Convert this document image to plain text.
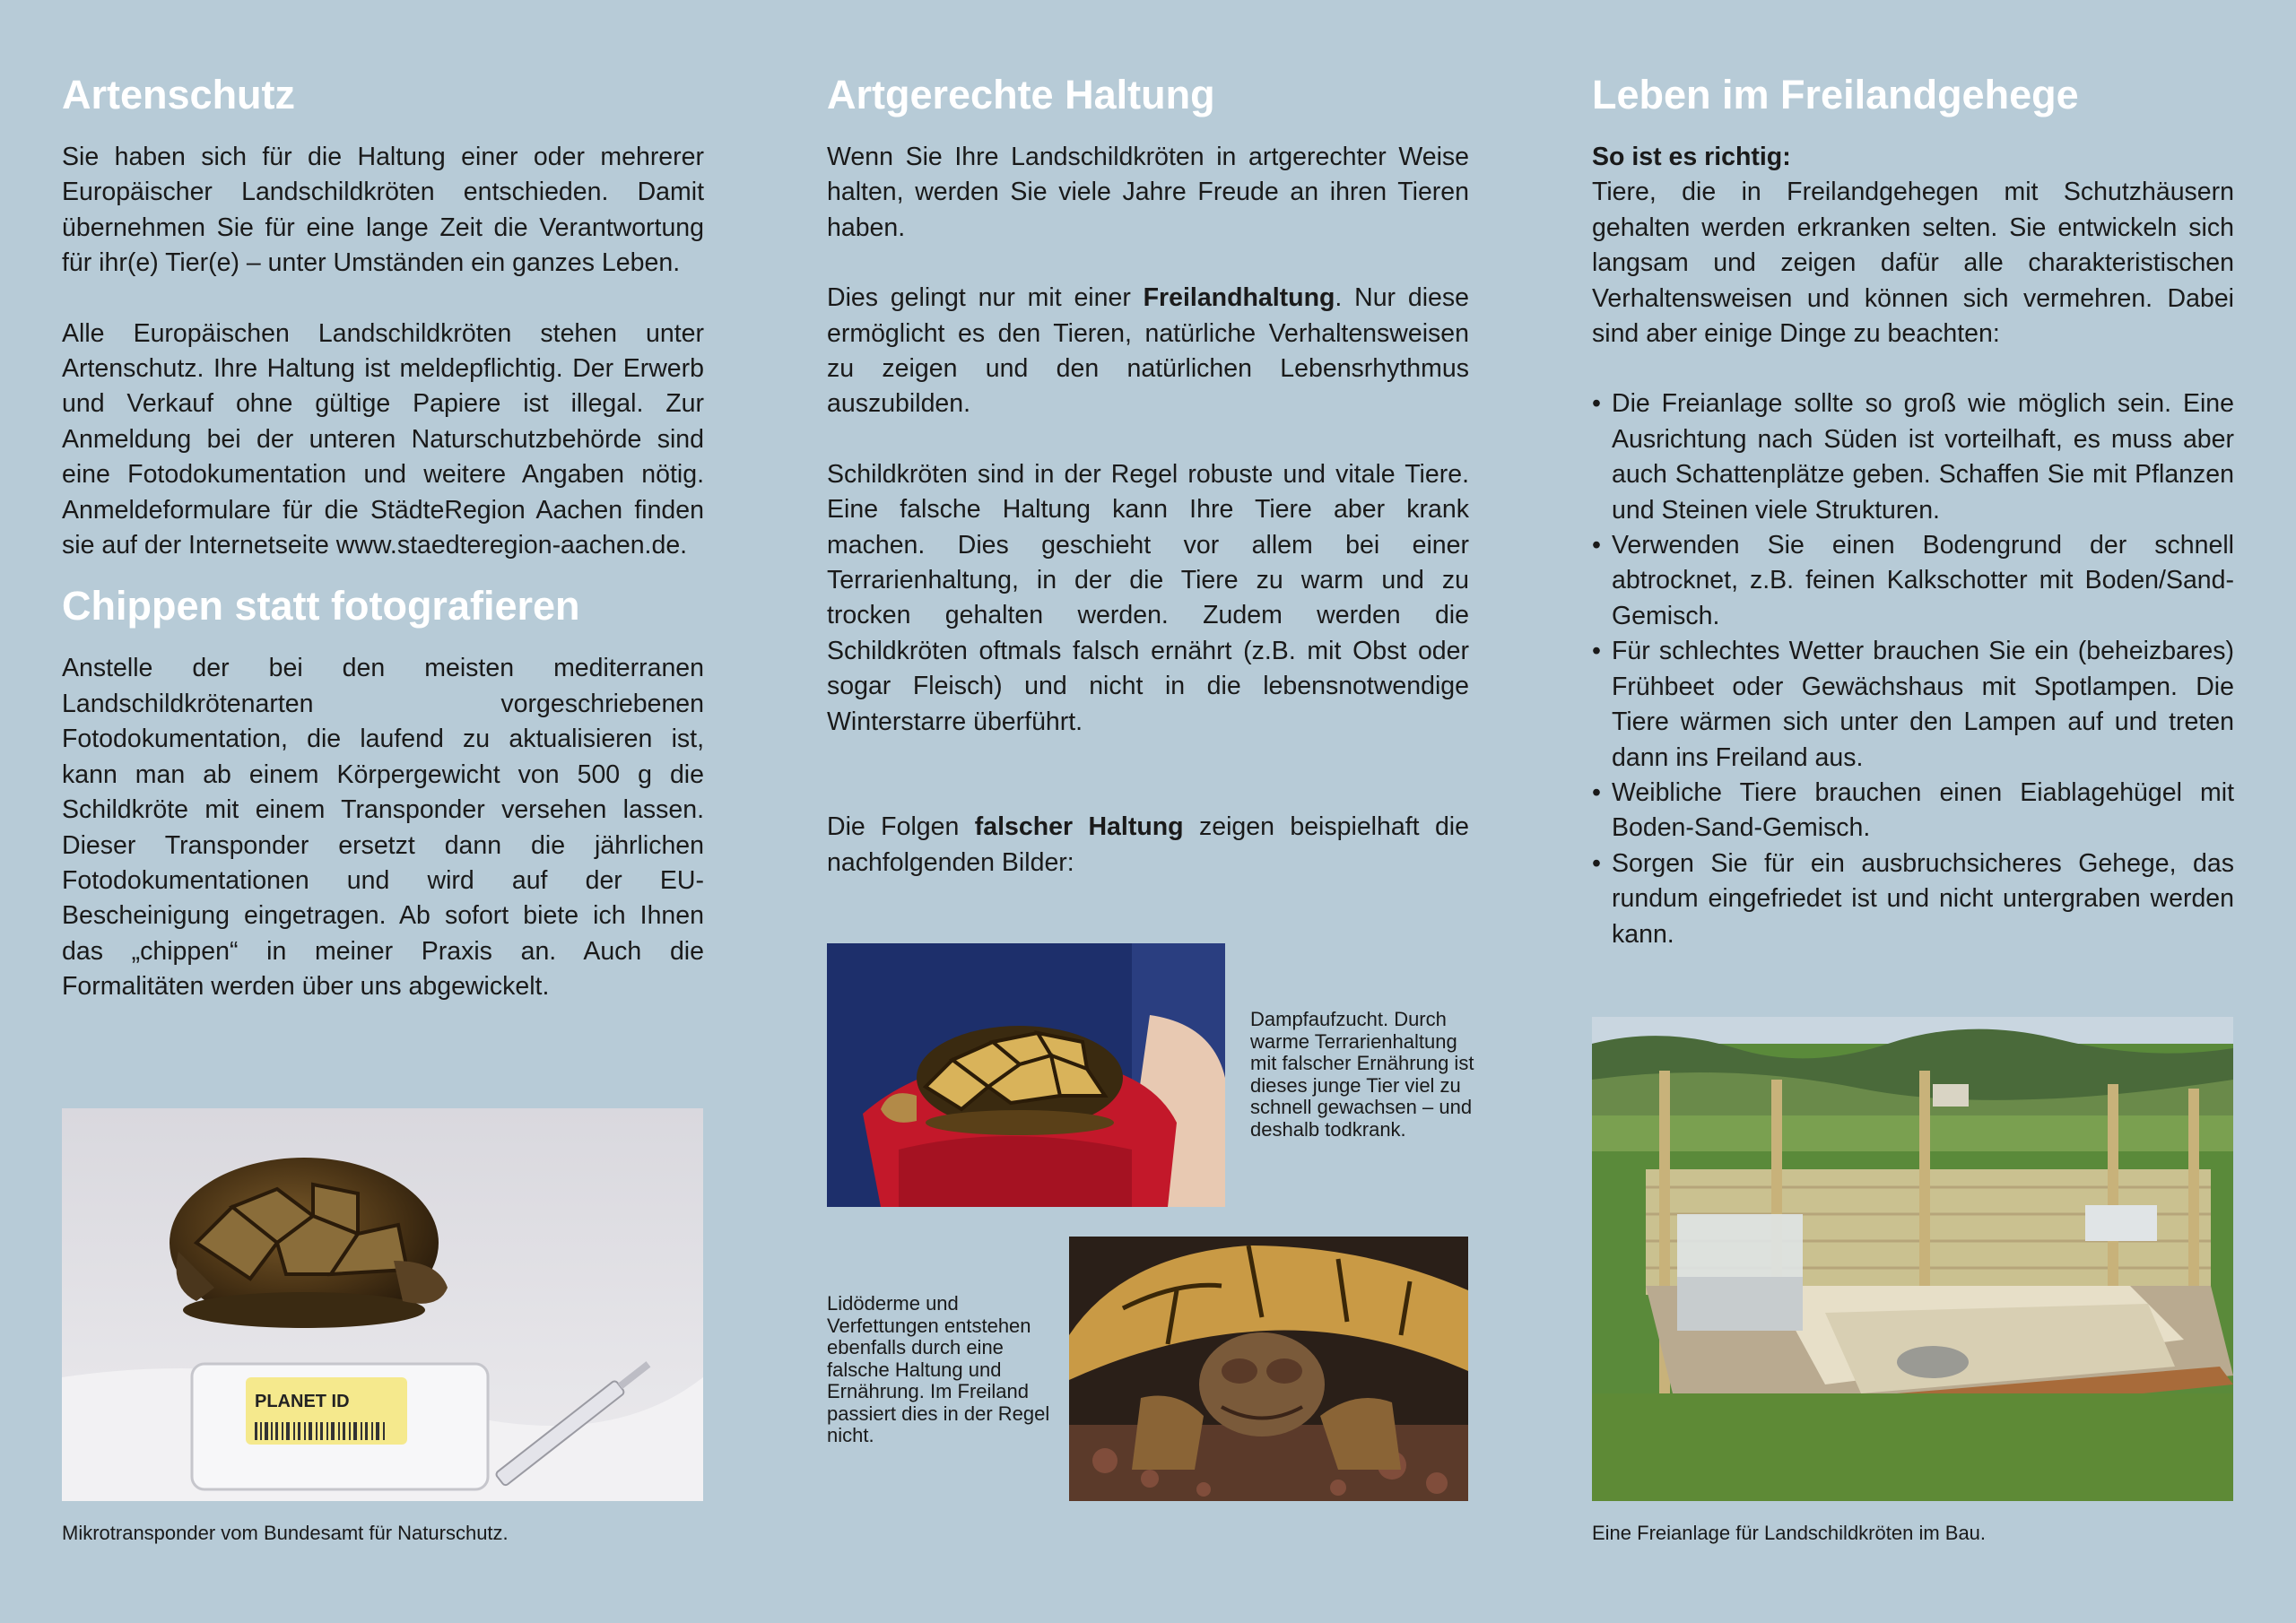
Artenschutz

Sie haben sich für die Haltung einer oder mehrerer Europäischer Landschildkröten entschieden. Damit übernehmen Sie für eine lange Zeit die Verantwortung für ihr(e) Tier(e) – unter Umständen ein ganzes Leben.

Alle Europäischen Landschildkröten stehen unter Artenschutz. Ihre Haltung ist meldepflichtig. Der Erwerb und Verkauf ohne gültige Papiere ist illegal. Zur Anmeldung bei der unteren Naturschutzbehörde sind eine Fotodokumentation und weitere Angaben nötig. Anmeldeformulare für die StädteRegion Aachen finden sie auf der Internetseite www.staedteregion-aachen.de.

Chippen statt fotografieren

Anstelle der bei den meisten mediterranen Landschildkrötenarten vorgeschriebenen Fotodokumentation, die laufend zu aktualisieren ist, kann man ab einem Körpergewicht von 500 g die Schildkröte mit einem Transponder versehen lassen. Dieser Transponder ersetzt dann die jährlichen Fotodokumentationen und wird auf der EU-Bescheinigung eingetragen. Ab sofort biete ich Ihnen das „chippen“ in meiner Praxis an. Auch die Formalitäten werden über uns abgewickelt.

PLANET ID
Mikrotransponder vom Bundesamt für Naturschutz.
Artgerechte Haltung

Wenn Sie Ihre Landschildkröten in artgerechter Weise halten, werden Sie viele Jahre Freude an ihren Tieren haben.

Dies gelingt nur mit einer Freilandhaltung. Nur diese ermöglicht es den Tieren, natürliche Verhaltensweisen zu zeigen und den natürlichen Lebensrhythmus auszubilden.

Schildkröten sind in der Regel robuste und vitale Tiere. Eine falsche Haltung kann Ihre Tiere aber krank machen. Dies geschieht vor allem bei einer Terrarienhaltung, in der die Tiere zu warm und zu trocken gehalten werden. Zudem werden die Schildkröten oftmals falsch ernährt (z.B. mit Obst oder sogar Fleisch) und nicht in die lebensnotwendige Winterstarre überführt.

Die Folgen falscher Haltung zeigen beispielhaft die nachfolgenden Bilder:

Dampfaufzucht. Durch warme Terrarienhaltung mit falscher Ernährung ist dieses junge Tier viel zu schnell gewachsen – und deshalb todkrank.
Lidöderme und Verfettungen entstehen ebenfalls durch eine falsche Haltung und Ernährung. Im Freiland passiert dies in der Regel nicht.
Leben im Freilandgehege
So ist es richtig:

Tiere, die in Freilandgehegen mit Schutzhäusern gehalten werden erkranken selten. Sie entwickeln sich langsam und zeigen dafür alle charakteristischen Verhaltensweisen und können sich vermehren. Dabei sind aber einige Dinge zu beachten:

• Die Freianlage sollte so groß wie möglich sein. Eine Ausrichtung nach Süden ist vorteilhaft, es muss aber auch Schattenplätze geben. Schaffen Sie mit Pflanzen und Steinen viele Strukturen.
• Verwenden Sie einen Bodengrund der schnell abtrocknet, z.B. feinen Kalkschotter mit Boden/Sand-Gemisch.
• Für schlechtes Wetter brauchen Sie ein (beheizbares) Frühbeet oder Gewächshaus mit Spotlampen. Die Tiere wärmen sich unter den Lampen auf und treten dann ins Freiland aus.
• Weibliche Tiere brauchen einen Eiablagehügel mit Boden-Sand-Gemisch.
• Sorgen Sie für ein ausbruchsicheres Gehege, das rundum eingefriedet ist und nicht untergraben werden kann.
Eine Freianlage für Landschildkröten im Bau.
